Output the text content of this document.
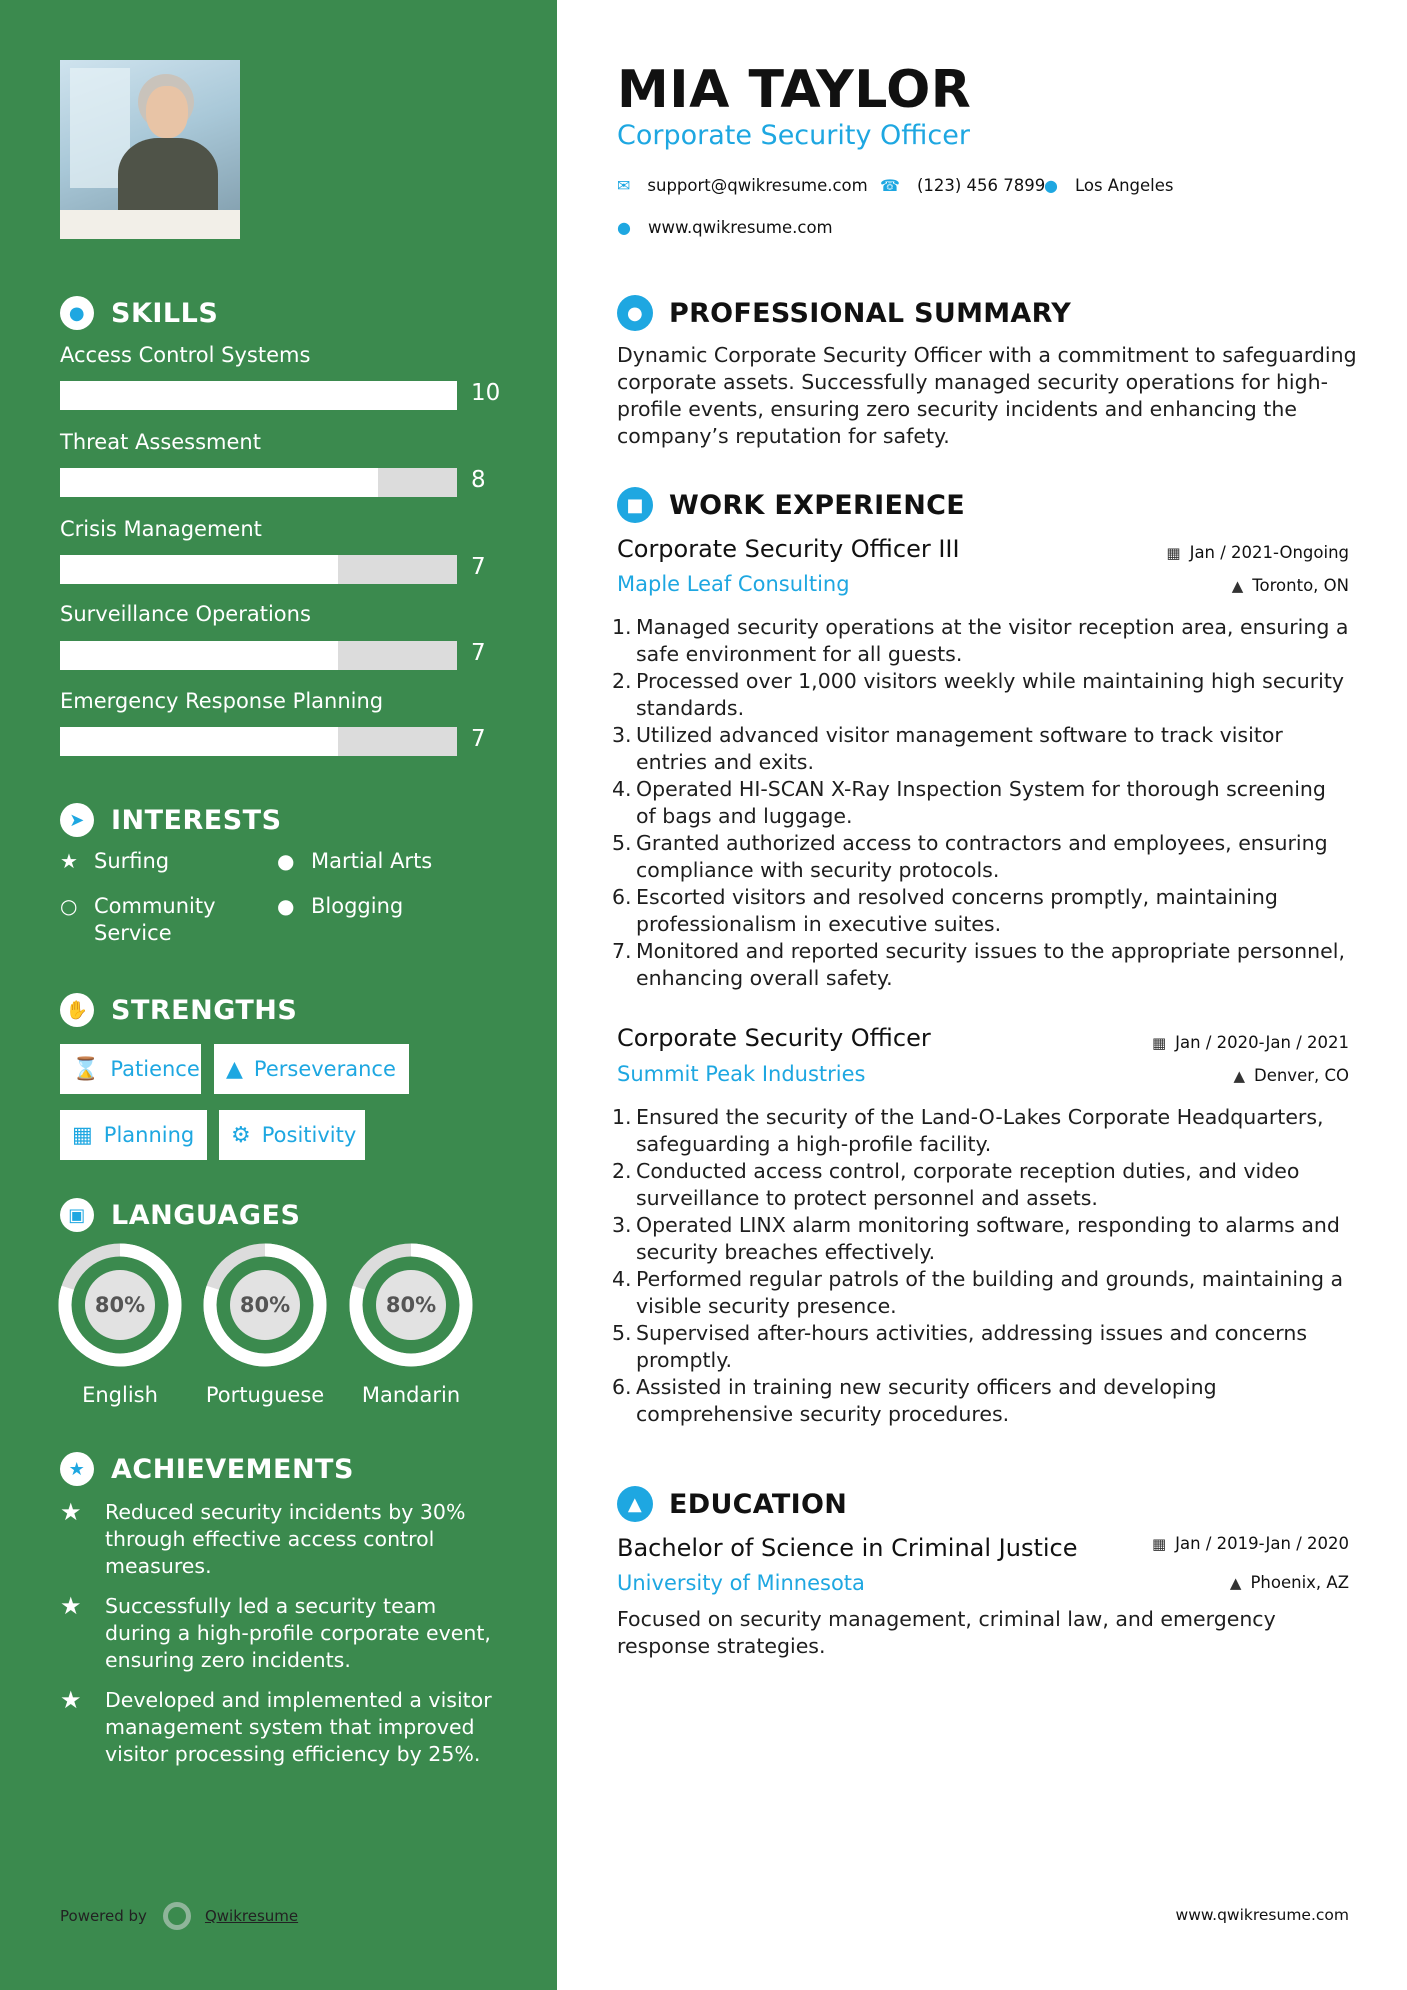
● SKILLS
Access Control Systems
10
Threat Assessment
8
Crisis Management
7
Surveillance Operations
7
Emergency Response Planning
7
➤ INTERESTS
★ Surfing	● Martial Arts
○ Community Service
● Blogging
✋ STRENGTHS
⌛ Patience ▲ Perseverance
▦ Planning ⚙ Positivity
▣ LANGUAGES
80%
English
80%
Portuguese
80%
Mandarin
★ ACHIEVEMENTS
★	Reduced security incidents by 30% through effective access control measures.
★	Successfully led a security team during a high-profile corporate event, ensuring zero incidents.
★	Developed and implemented a visitor management system that improved visitor processing efficiency by 25%.
Powered by	Qwikresume
MIA TAYLOR
Corporate Security Officer
✉ support@qwikresume.com ☎ (123) 456 7899
● Los Angeles
● www.qwikresume.com
● PROFESSIONAL SUMMARY
Dynamic Corporate Security Officer with a commitment to safeguarding corporate assets. Successfully managed security operations for high-profile events, ensuring zero security incidents and enhancing the company’s reputation for safety.
■ WORK EXPERIENCE
Corporate Security Officer III	▦ Jan / 2021-Ongoing
Maple Leaf Consulting	▲ Toronto, ON
1. Managed security operations at the visitor reception area, ensuring a safe environment for all guests.
2. Processed over 1,000 visitors weekly while maintaining high security standards.
3. Utilized advanced visitor management software to track visitor entries and exits.
4. Operated HI-SCAN X-Ray Inspection System for thorough screening of bags and luggage.
5. Granted authorized access to contractors and employees, ensuring compliance with security protocols.
6. Escorted visitors and resolved concerns promptly, maintaining professionalism in executive suites.
7. Monitored and reported security issues to the appropriate personnel, enhancing overall safety.
Corporate Security Officer	▦ Jan / 2020-Jan / 2021
Summit Peak Industries	▲ Denver, CO
1. Ensured the security of the Land-O-Lakes Corporate Headquarters, safeguarding a high-profile facility.
2. Conducted access control, corporate reception duties, and video surveillance to protect personnel and assets.
3. Operated LINX alarm monitoring software, responding to alarms and security breaches effectively.
4. Performed regular patrols of the building and grounds, maintaining a visible security presence.
5. Supervised after-hours activities, addressing issues and concerns promptly.
6. Assisted in training new security officers and developing comprehensive security procedures.
▲ EDUCATION
Bachelor of Science in Criminal Justice	▦ Jan / 2019-Jan / 2020
University of Minnesota	▲ Phoenix, AZ
Focused on security management, criminal law, and emergency response strategies.
www.qwikresume.com
